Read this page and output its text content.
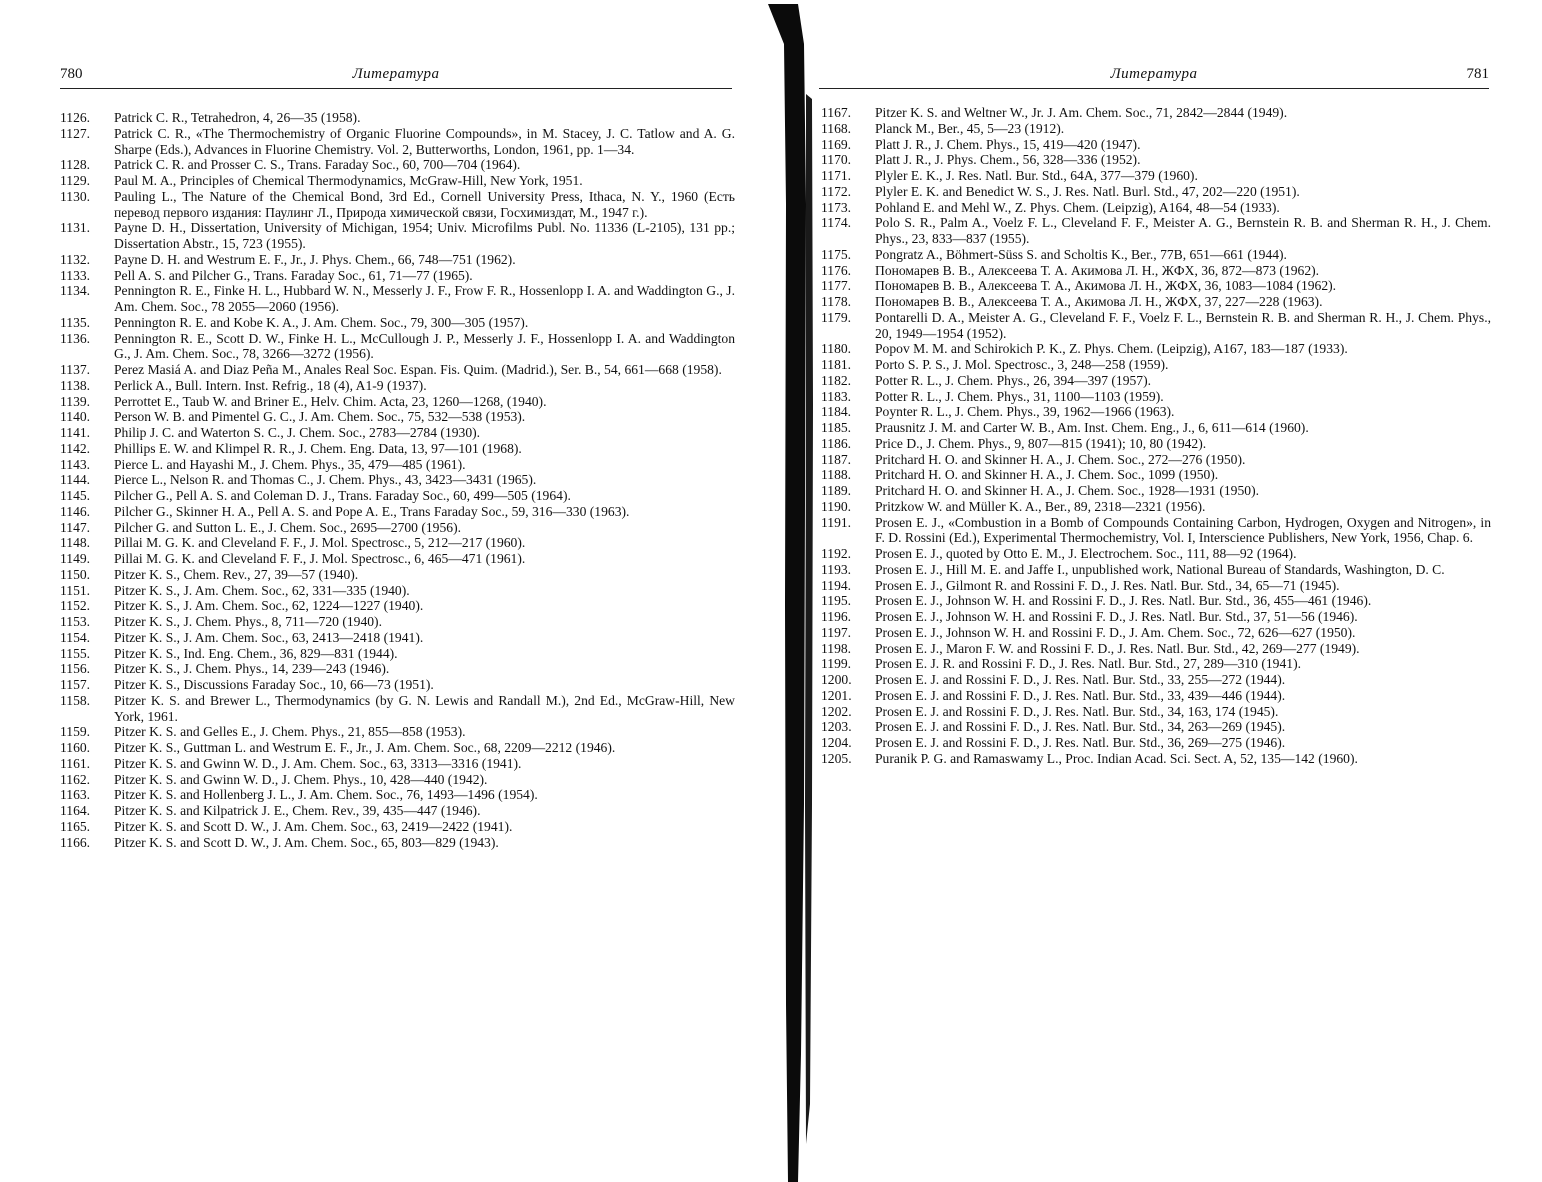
780	Литература
1126. Patrick C. R., Tetrahedron, 4, 26—35 (1958).
1127. Patrick C. R., «The Thermochemistry of Organic Fluorine Compounds», in M. Stacey, J. C. Tatlow and A. G. Sharpe (Eds.), Advances in Fluorine Chemistry. Vol. 2, Butterworths, London, 1961, pp. 1—34.
1128. Patrick C. R. and Prosser C. S., Trans. Faraday Soc., 60, 700—704 (1964).
1129. Paul M. A., Principles of Chemical Thermodynamics, McGraw-Hill, New York, 1951.
1130. Pauling L., The Nature of the Chemical Bond, 3rd Ed., Cornell University Press, Ithaca, N. Y., 1960 (Есть перевод первого издания: Паулинг Л., Природа химической связи, Госхимиздат, М., 1947 г.).
1131. Payne D. H., Dissertation, University of Michigan, 1954; Univ. Microfilms Publ. No. 11336 (L-2105), 131 pp.; Dissertation Abstr., 15, 723 (1955).
1132. Payne D. H. and Westrum E. F., Jr., J. Phys. Chem., 66, 748—751 (1962).
1133. Pell A. S. and Pilcher G., Trans. Faraday Soc., 61, 71—77 (1965).
1134. Pennington R. E., Finke H. L., Hubbard W. N., Messerly J. F., Frow F. R., Hossenlopp I. A. and Waddington G., J. Am. Chem. Soc., 78 2055—2060 (1956).
1135. Pennington R. E. and Kobe K. A., J. Am. Chem. Soc., 79, 300—305 (1957).
1136. Pennington R. E., Scott D. W., Finke H. L., McCullough J. P., Messerly J. F., Hossenlopp I. A. and Waddington G., J. Am. Chem. Soc., 78, 3266—3272 (1956).
1137. Perez Masiá A. and Diaz Peña M., Anales Real Soc. Espan. Fis. Quim. (Madrid.), Ser. B., 54, 661—668 (1958).
1138. Perlick A., Bull. Intern. Inst. Refrig., 18 (4), A1-9 (1937).
1139. Perrottet E., Taub W. and Briner E., Helv. Chim. Acta, 23, 1260—1268, (1940).
1140. Person W. B. and Pimentel G. C., J. Am. Chem. Soc., 75, 532—538 (1953).
1141. Philip J. C. and Waterton S. C., J. Chem. Soc., 2783—2784 (1930).
1142. Phillips E. W. and Klimpel R. R., J. Chem. Eng. Data, 13, 97—101 (1968).
1143. Pierce L. and Hayashi M., J. Chem. Phys., 35, 479—485 (1961).
1144. Pierce L., Nelson R. and Thomas C., J. Chem. Phys., 43, 3423—3431 (1965).
1145. Pilcher G., Pell A. S. and Coleman D. J., Trans. Faraday Soc., 60, 499—505 (1964).
1146. Pilcher G., Skinner H. A., Pell A. S. and Pope A. E., Trans Faraday Soc., 59, 316—330 (1963).
1147. Pilcher G. and Sutton L. E., J. Chem. Soc., 2695—2700 (1956).
1148. Pillai M. G. K. and Cleveland F. F., J. Mol. Spectrosc., 5, 212—217 (1960).
1149. Pillai M. G. K. and Cleveland F. F., J. Mol. Spectrosc., 6, 465—471 (1961).
1150. Pitzer K. S., Chem. Rev., 27, 39—57 (1940).
1151. Pitzer K. S., J. Am. Chem. Soc., 62, 331—335 (1940).
1152. Pitzer K. S., J. Am. Chem. Soc., 62, 1224—1227 (1940).
1153. Pitzer K. S., J. Chem. Phys., 8, 711—720 (1940).
1154. Pitzer K. S., J. Am. Chem. Soc., 63, 2413—2418 (1941).
1155. Pitzer K. S., Ind. Eng. Chem., 36, 829—831 (1944).
1156. Pitzer K. S., J. Chem. Phys., 14, 239—243 (1946).
1157. Pitzer K. S., Discussions Faraday Soc., 10, 66—73 (1951).
1158. Pitzer K. S. and Brewer L., Thermodynamics (by G. N. Lewis and Randall M.), 2nd Ed., McGraw-Hill, New York, 1961.
1159. Pitzer K. S. and Gelles E., J. Chem. Phys., 21, 855—858 (1953).
1160. Pitzer K. S., Guttman L. and Westrum E. F., Jr., J. Am. Chem. Soc., 68, 2209—2212 (1946).
1161. Pitzer K. S. and Gwinn W. D., J. Am. Chem. Soc., 63, 3313—3316 (1941).
1162. Pitzer K. S. and Gwinn W. D., J. Chem. Phys., 10, 428—440 (1942).
1163. Pitzer K. S. and Hollenberg J. L., J. Am. Chem. Soc., 76, 1493—1496 (1954).
1164. Pitzer K. S. and Kilpatrick J. E., Chem. Rev., 39, 435—447 (1946).
1165. Pitzer K. S. and Scott D. W., J. Am. Chem. Soc., 63, 2419—2422 (1941).
1166. Pitzer K. S. and Scott D. W., J. Am. Chem. Soc., 65, 803—829 (1943).
Литература	781
1167. Pitzer K. S. and Weltner W., Jr. J. Am. Chem. Soc., 71, 2842—2844 (1949).
1168. Planck M., Ber., 45, 5—23 (1912).
1169. Platt J. R., J. Chem. Phys., 15, 419—420 (1947).
1170. Platt J. R., J. Phys. Chem., 56, 328—336 (1952).
1171. Plyler E. K., J. Res. Natl. Bur. Std., 64A, 377—379 (1960).
1172. Plyler E. K. and Benedict W. S., J. Res. Natl. Burl. Std., 47, 202—220 (1951).
1173. Pohland E. and Mehl W., Z. Phys. Chem. (Leipzig), A164, 48—54 (1933).
1174. Polo S. R., Palm A., Voelz F. L., Cleveland F. F., Meister A. G., Bernstein R. B. and Sherman R. H., J. Chem. Phys., 23, 833—837 (1955).
1175. Pongratz A., Böhmert-Süss S. and Scholtis K., Ber., 77B, 651—661 (1944).
1176. Пономарев В. В., Алексеева Т. А. Акимова Л. Н., ЖФХ, 36, 872—873 (1962).
1177. Пономарев В. В., Алексеева Т. А., Акимова Л. Н., ЖФХ, 36, 1083—1084 (1962).
1178. Пономарев В. В., Алексеева Т. А., Акимова Л. Н., ЖФХ, 37, 227—228 (1963).
1179. Pontarelli D. A., Meister A. G., Cleveland F. F., Voelz F. L., Bernstein R. B. and Sherman R. H., J. Chem. Phys., 20, 1949—1954 (1952).
1180. Popov M. M. and Schirokich P. K., Z. Phys. Chem. (Leipzig), A167, 183—187 (1933).
1181. Porto S. P. S., J. Mol. Spectrosc., 3, 248—258 (1959).
1182. Potter R. L., J. Chem. Phys., 26, 394—397 (1957).
1183. Potter R. L., J. Chem. Phys., 31, 1100—1103 (1959).
1184. Poynter R. L., J. Chem. Phys., 39, 1962—1966 (1963).
1185. Prausnitz J. M. and Carter W. B., Am. Inst. Chem. Eng., J., 6, 611—614 (1960).
1186. Price D., J. Chem. Phys., 9, 807—815 (1941); 10, 80 (1942).
1187. Pritchard H. O. and Skinner H. A., J. Chem. Soc., 272—276 (1950).
1188. Pritchard H. O. and Skinner H. A., J. Chem. Soc., 1099 (1950).
1189. Pritchard H. O. and Skinner H. A., J. Chem. Soc., 1928—1931 (1950).
1190. Pritzkow W. and Müller K. A., Ber., 89, 2318—2321 (1956).
1191. Prosen E. J., «Combustion in a Bomb of Compounds Containing Carbon, Hydrogen, Oxygen and Nitrogen», in F. D. Rossini (Ed.), Experimental Thermochemistry, Vol. I, Interscience Publishers, New York, 1956, Chap. 6.
1192. Prosen E. J., quoted by Otto E. M., J. Electrochem. Soc., 111, 88—92 (1964).
1193. Prosen E. J., Hill M. E. and Jaffe I., unpublished work, National Bureau of Standards, Washington, D. C.
1194. Prosen E. J., Gilmont R. and Rossini F. D., J. Res. Natl. Bur. Std., 34, 65—71 (1945).
1195. Prosen E. J., Johnson W. H. and Rossini F. D., J. Res. Natl. Bur. Std., 36, 455—461 (1946).
1196. Prosen E. J., Johnson W. H. and Rossini F. D., J. Res. Natl. Bur. Std., 37, 51—56 (1946).
1197. Prosen E. J., Johnson W. H. and Rossini F. D., J. Am. Chem. Soc., 72, 626—627 (1950).
1198. Prosen E. J., Maron F. W. and Rossini F. D., J. Res. Natl. Bur. Std., 42, 269—277 (1949).
1199. Prosen E. J. R. and Rossini F. D., J. Res. Natl. Bur. Std., 27, 289—310 (1941).
1200. Prosen E. J. and Rossini F. D., J. Res. Natl. Bur. Std., 33, 255—272 (1944).
1201. Prosen E. J. and Rossini F. D., J. Res. Natl. Bur. Std., 33, 439—446 (1944).
1202. Prosen E. J. and Rossini F. D., J. Res. Natl. Bur. Std., 34, 163, 174 (1945).
1203. Prosen E. J. and Rossini F. D., J. Res. Natl. Bur. Std., 34, 263—269 (1945).
1204. Prosen E. J. and Rossini F. D., J. Res. Natl. Bur. Std., 36, 269—275 (1946).
1205. Puranik P. G. and Ramaswamy L., Proc. Indian Acad. Sci. Sect. A, 52, 135—142 (1960).
